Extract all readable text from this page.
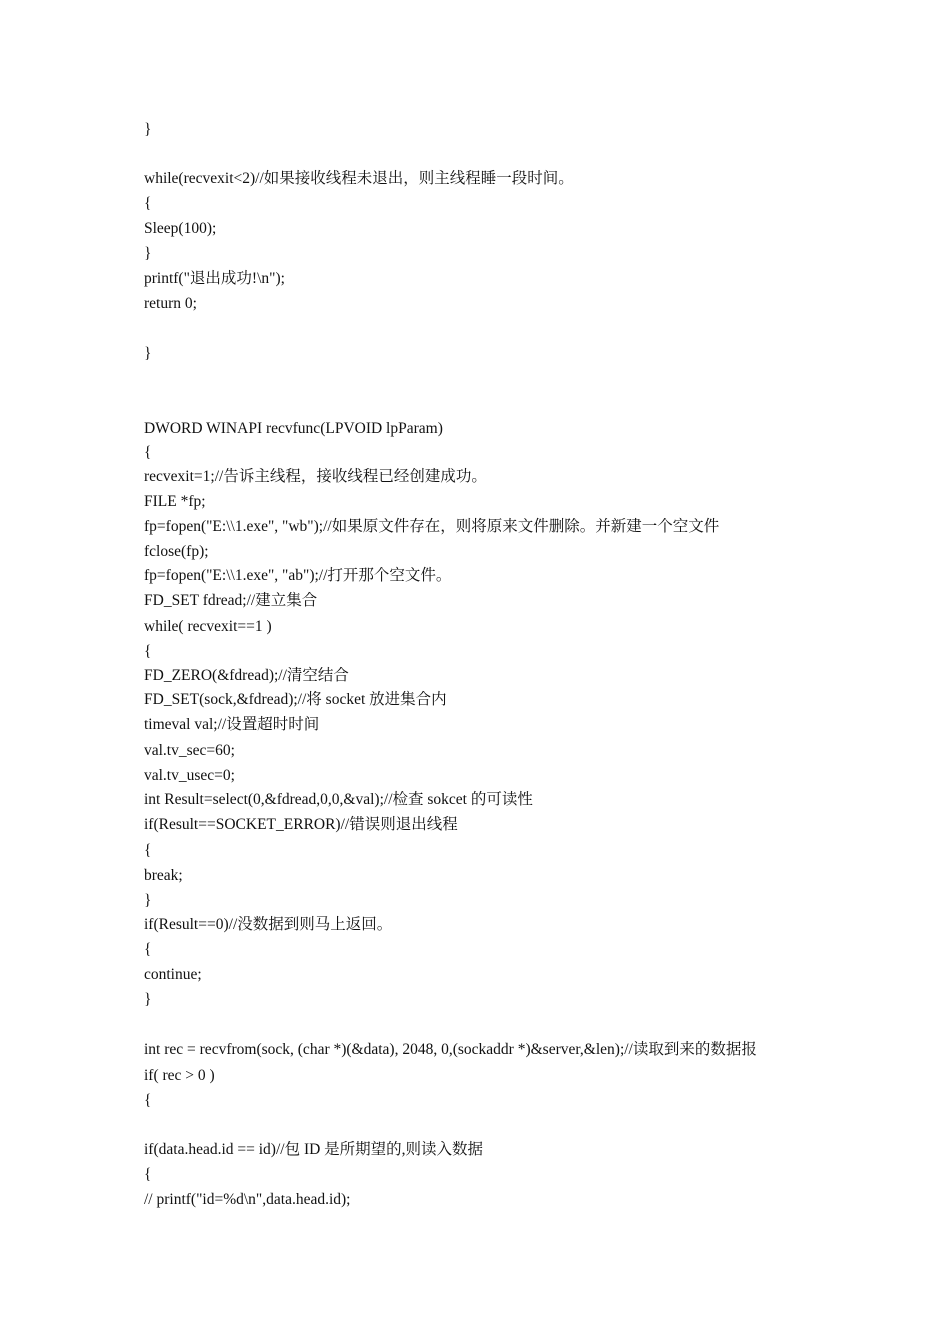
}
while(recvexit<2)//如果接收线程未退出，则主线程睡一段时间。
{
Sleep(100);
}
printf("退出成功!\n");
return 0;
}
DWORD WINAPI recvfunc(LPVOID lpParam)
{
recvexit=1;//告诉主线程，接收线程已经创建成功。
FILE *fp;
fp=fopen("E:\\1.exe", "wb");//如果原文件存在，则将原来文件删除。并新建一个空文件
fclose(fp);
fp=fopen("E:\\1.exe", "ab");//打开那个空文件。
FD_SET fdread;//建立集合
while( recvexit==1 )
{
FD_ZERO(&fdread);//清空结合
FD_SET(sock,&fdread);//将 socket 放进集合内
timeval val;//设置超时时间
val.tv_sec=60;
val.tv_usec=0;
int Result=select(0,&fdread,0,0,&val);//检查 sokcet 的可读性
if(Result==SOCKET_ERROR)//错误则退出线程
{
break;
}
if(Result==0)//没数据到则马上返回。
{
continue;
}
int rec = recvfrom(sock, (char *)(&data), 2048, 0,(sockaddr *)&server,&len);//读取到来的数据报
if( rec > 0 )
{
if(data.head.id == id)//包 ID 是所期望的,则读入数据
{
// printf("id=%d\n",data.head.id);
